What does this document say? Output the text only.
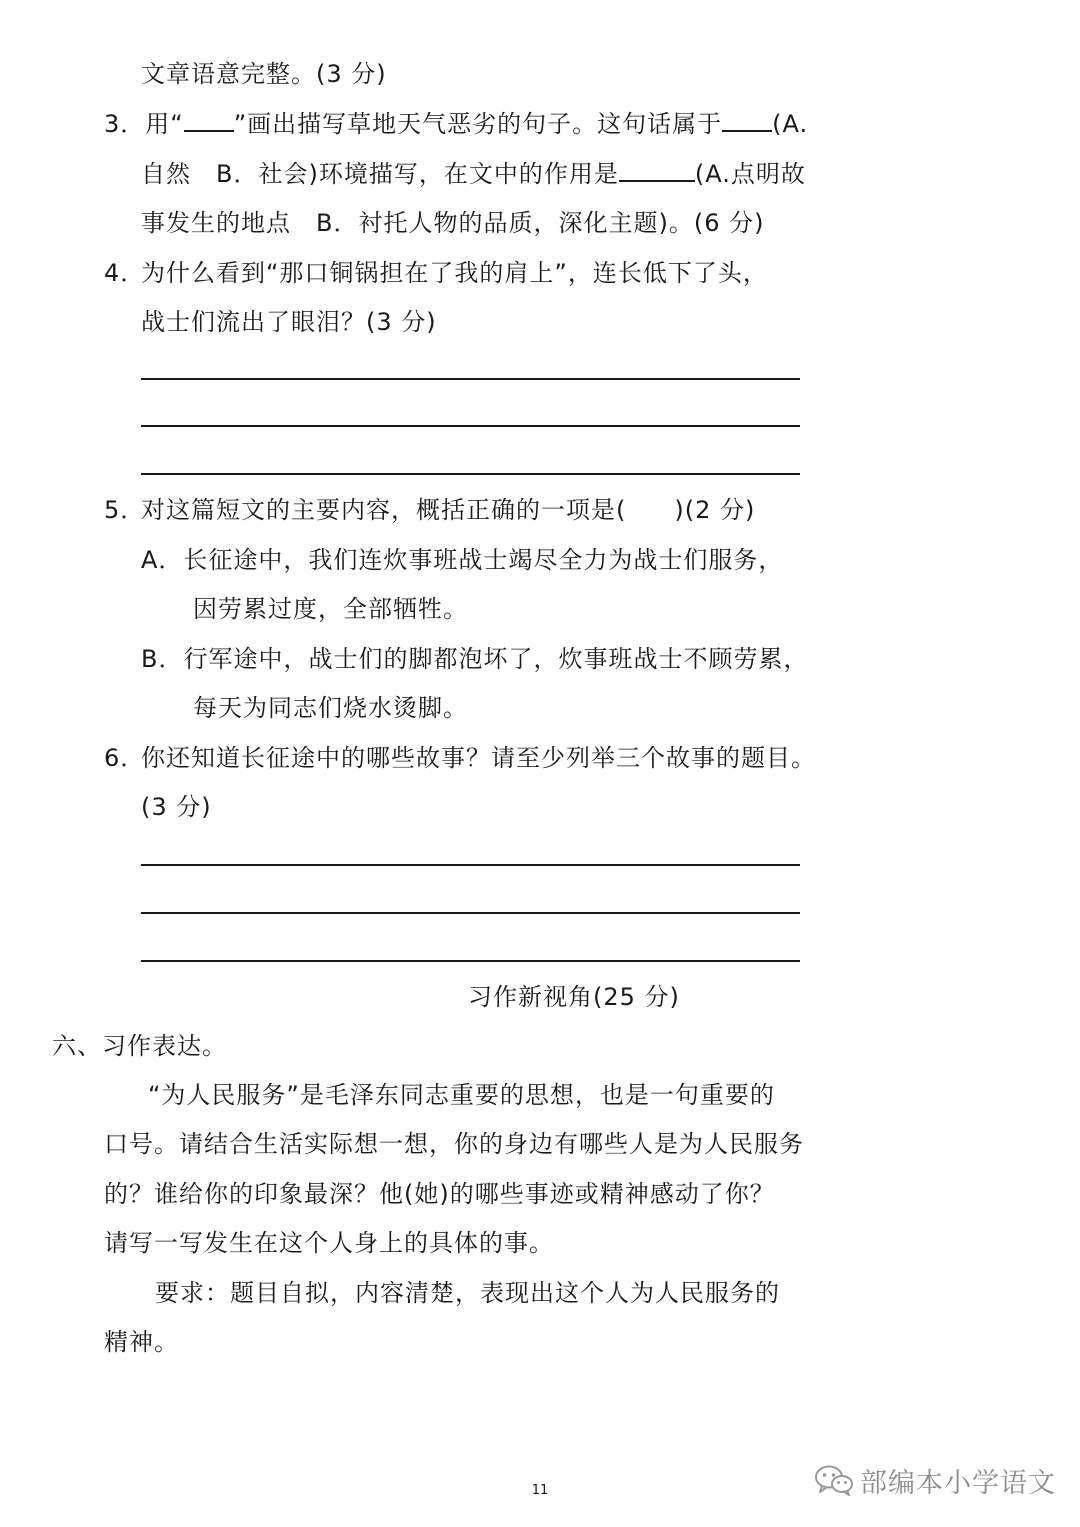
文章语意完整。(3 分)
3．用“ ”画出描写草地天气恶劣的句子。这句话属于 (A.
自然　B．社会)环境描写，在文中的作用是	(A.点明故
事发生的地点　B．衬托人物的品质，深化主题)。(6 分)
4．
为什么看到“那口铜锅担在了我的肩上”，连长低下了头，
战士们流出了眼泪？(3 分)
5．
对这篇短文的主要内容，概括正确的一项是( )(2 分)
A．长征途中，我们连炊事班战士竭尽全力为战士们服务，
因劳累过度，全部牺牲。
B．行军途中，战士们的脚都泡坏了，炊事班战士不顾劳累，
每天为同志们烧水烫脚。
6．
你还知道长征途中的哪些故事？请至少列举三个故事的题目。
(3 分)
习作新视角(25 分)
六、习作表达。
“为人民服务”是毛泽东同志重要的思想，也是一句重要的
口号。请结合生活实际想一想，你的身边有哪些人是为人民服务
的？谁给你的印象最深？他(她)的哪些事迹或精神感动了你？
请写一写发生在这个人身上的具体的事。
要求：题目自拟，内容清楚，表现出这个人为人民服务的
精神。
11	部编本小学语文
